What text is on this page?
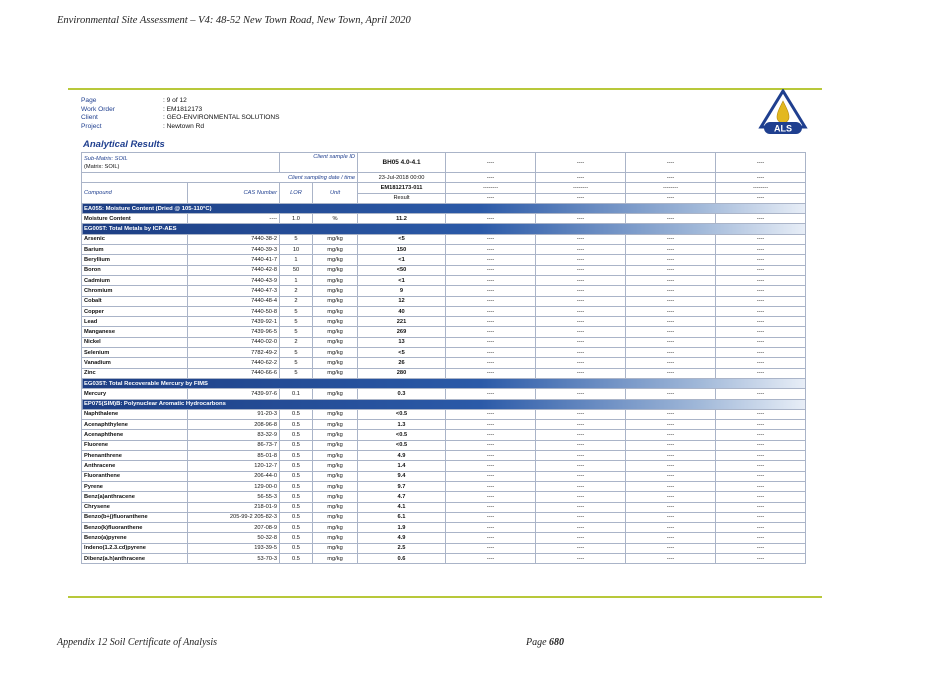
Environmental Site Assessment – V4: 48-52 New Town Road, New Town, April 2020
Page	: 9 of 12
Work Order	: EM1812173
Client	: GEO-ENVIRONMENTAL SOLUTIONS
Project	: Newtown Rd	ALS
Analytical Results
Sub-Matrix: SOIL
(Matrix: SOIL)		Client sample ID		BH05 4.0-4.1	----	----	----	----
Client sampling date / time				23-Jul-2018 00:00	----	----	----	----
Compound	CAS Number	LOR	Unit	EM1812173-011	--------	--------	--------	--------
				Result	----	----	----	----
EA055: Moisture Content (Dried @ 105-110°C)								
Moisture Content	----	1.0	%	11.2	----	----	----	----
EG005T: Total Metals by ICP-AES								
Arsenic	7440-38-2	5	mg/kg	<5	----	----	----	----
Barium	7440-39-3	10	mg/kg	150	----	----	----	----
Beryllium	7440-41-7	1	mg/kg	<1	----	----	----	----
Boron	7440-42-8	50	mg/kg	<50	----	----	----	----
Cadmium	7440-43-9	1	mg/kg	<1	----	----	----	----
Chromium	7440-47-3	2	mg/kg	9	----	----	----	----
Cobalt	7440-48-4	2	mg/kg	12	----	----	----	----
Copper	7440-50-8	5	mg/kg	40	----	----	----	----
Lead	7439-92-1	5	mg/kg	221	----	----	----	----
Manganese	7439-96-5	5	mg/kg	269	----	----	----	----
Nickel	7440-02-0	2	mg/kg	13	----	----	----	----
Selenium	7782-49-2	5	mg/kg	<5	----	----	----	----
Vanadium	7440-62-2	5	mg/kg	26	----	----	----	----
Zinc	7440-66-6	5	mg/kg	280	----	----	----	----
EG035T: Total Recoverable Mercury by FIMS								
Mercury	7439-97-6	0.1	mg/kg	0.3	----	----	----	----
EP075(SIM)B: Polynuclear Aromatic Hydrocarbons								
Naphthalene	91-20-3	0.5	mg/kg	<0.5	----	----	----	----
Acenaphthylene	208-96-8	0.5	mg/kg	1.3	----	----	----	----
Acenaphthene	83-32-9	0.5	mg/kg	<0.5	----	----	----	----
Fluorene	86-73-7	0.5	mg/kg	<0.5	----	----	----	----
Phenanthrene	85-01-8	0.5	mg/kg	4.9	----	----	----	----
Anthracene	120-12-7	0.5	mg/kg	1.4	----	----	----	----
Fluoranthene	206-44-0	0.5	mg/kg	9.4	----	----	----	----
Pyrene	129-00-0	0.5	mg/kg	9.7	----	----	----	----
Benz(a)anthracene	56-55-3	0.5	mg/kg	4.7	----	----	----	----
Chrysene	218-01-9	0.5	mg/kg	4.1	----	----	----	----
Benzo(b+j)fluoranthene	205-99-2 205-82-3	0.5	mg/kg	6.1	----	----	----	----
Benzo(k)fluoranthene	207-08-9	0.5	mg/kg	1.9	----	----	----	----
Benzo(a)pyrene	50-32-8	0.5	mg/kg	4.9	----	----	----	----
Indeno(1.2.3.cd)pyrene	193-39-5	0.5	mg/kg	2.5	----	----	----	----
Dibenz(a.h)anthracene	53-70-3	0.5	mg/kg	0.6	----	----	----	----
Appendix 12 Soil Certificate of Analysis	Page 680
